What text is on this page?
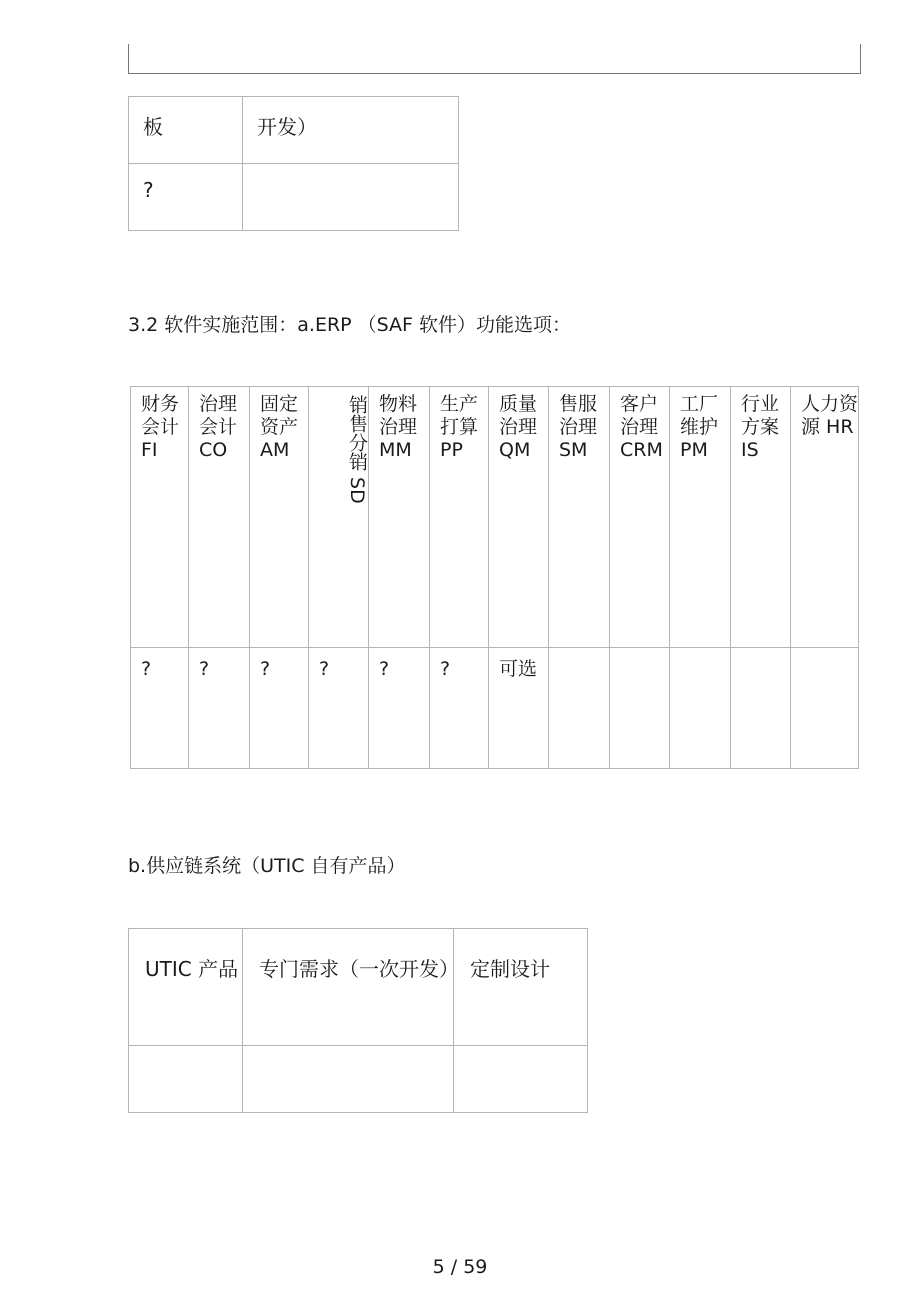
板	开发）
?	
3.2 软件实施范围：a.ERP （SAF 软件）功能选项：
财务会计 FI	治理会计 CO	固定资产 AM	销售分销 SD	物料治理 MM	生产打算 PP	质量治理 QM	售服治理 SM	客户治理 CRM	工厂维护 PM	行业方案 IS	人力资源 HR
?	?	?	?	?	?	可选					
b.供应链系统（UTIC 自有产品）
UTIC 产品	专门需求（一次开发）	定制设计

5 / 59
